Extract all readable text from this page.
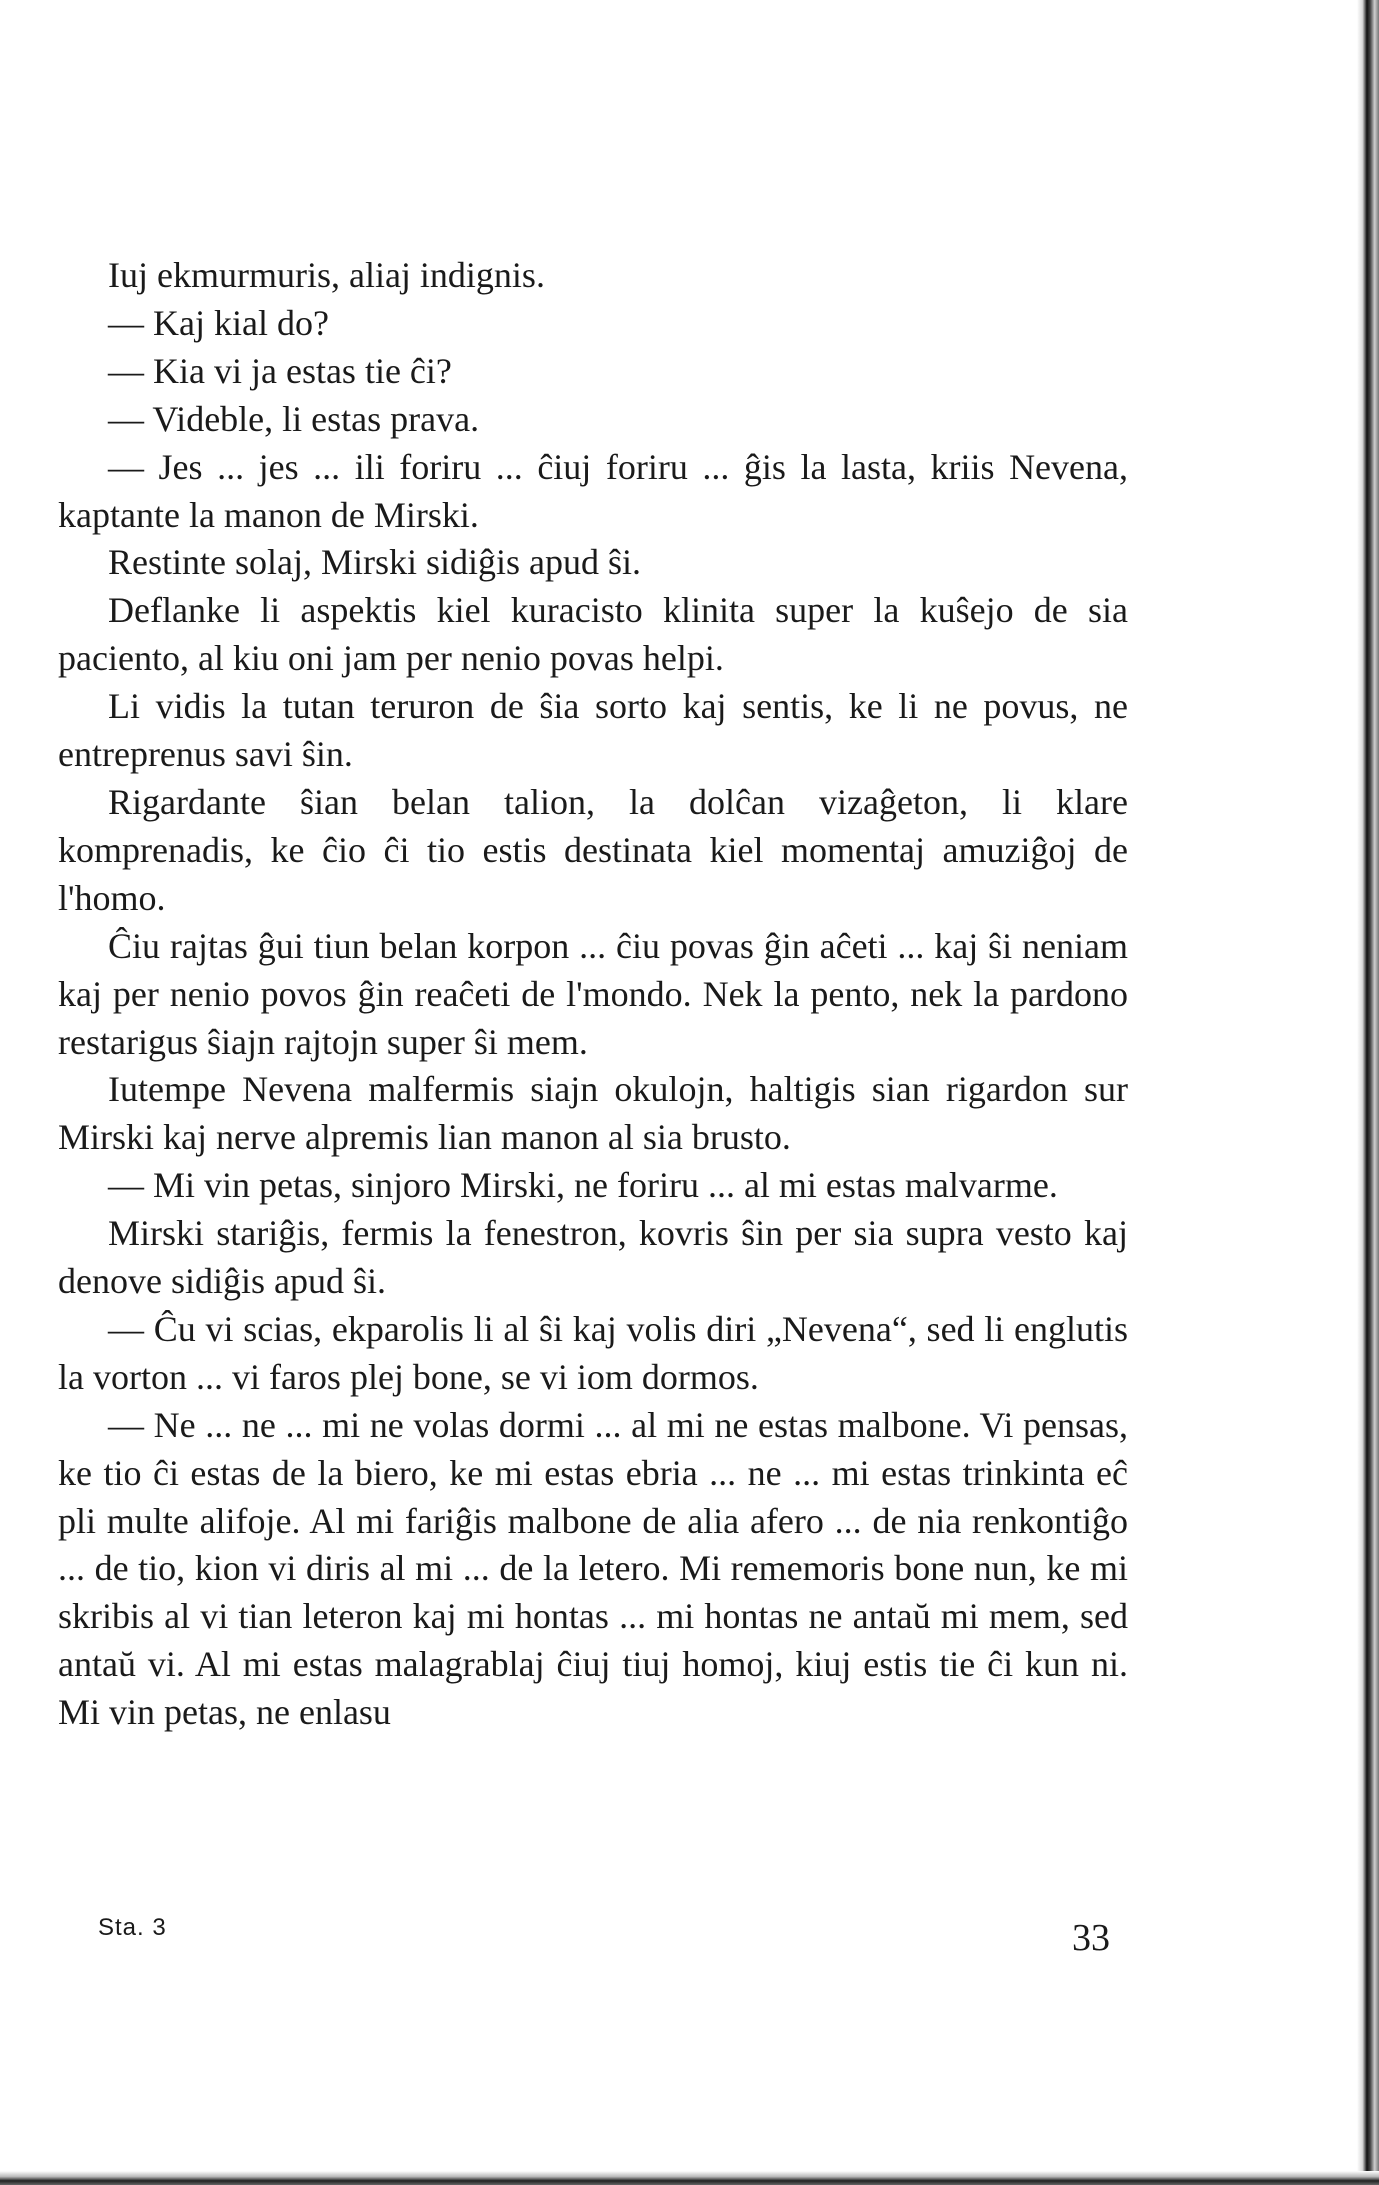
Iuj ekmurmuris, aliaj indignis.

— Kaj kial do?

— Kia vi ja estas tie ĉi?

— Videble, li estas prava.

— Jes ... jes ... ili foriru ... ĉiuj foriru ... ĝis la lasta, kriis Nevena, kaptante la manon de Mirski.

Restinte solaj, Mirski sidiĝis apud ŝi.

Deflanke li aspektis kiel kuracisto klinita super la kuŝejo de sia paciento, al kiu oni jam per nenio povas helpi.

Li vidis la tutan teruron de ŝia sorto kaj sentis, ke li ne povus, ne entreprenus savi ŝin.

Rigardante ŝian belan talion, la dolĉan vizaĝeton, li klare komprenadis, ke ĉio ĉi tio estis destinata kiel momentaj amuziĝoj de l'homo.

Ĉiu rajtas ĝui tiun belan korpon ... ĉiu povas ĝin aĉeti ... kaj ŝi neniam kaj per nenio povos ĝin reaĉeti de l'mondo. Nek la pento, nek la pardono restarigus ŝiajn rajtojn super ŝi mem.

Iutempe Nevena malfermis siajn okulojn, haltigis sian rigardon sur Mirski kaj nerve alpremis lian manon al sia brusto.

— Mi vin petas, sinjoro Mirski, ne foriru ... al mi estas malvarme.

Mirski stariĝis, fermis la fenestron, kovris ŝin per sia supra vesto kaj denove sidiĝis apud ŝi.

— Ĉu vi scias, ekparolis li al ŝi kaj volis diri „Nevena“, sed li englutis la vorton ... vi faros plej bone, se vi iom dormos.

— Ne ... ne ... mi ne volas dormi ... al mi ne estas malbone. Vi pensas, ke tio ĉi estas de la biero, ke mi estas ebria ... ne ... mi estas trinkinta eĉ pli multe alifoje. Al mi fariĝis malbone de alia afero ... de nia renkontiĝo ... de tio, kion vi diris al mi ... de la letero. Mi rememoris bone nun, ke mi skribis al vi tian leteron kaj mi hontas ... mi hontas ne antaŭ mi mem, sed antaŭ vi. Al mi estas malagrablaj ĉiuj tiuj homoj, kiuj estis tie ĉi kun ni. Mi vin petas, ne enlasu

Sta. 3	33
